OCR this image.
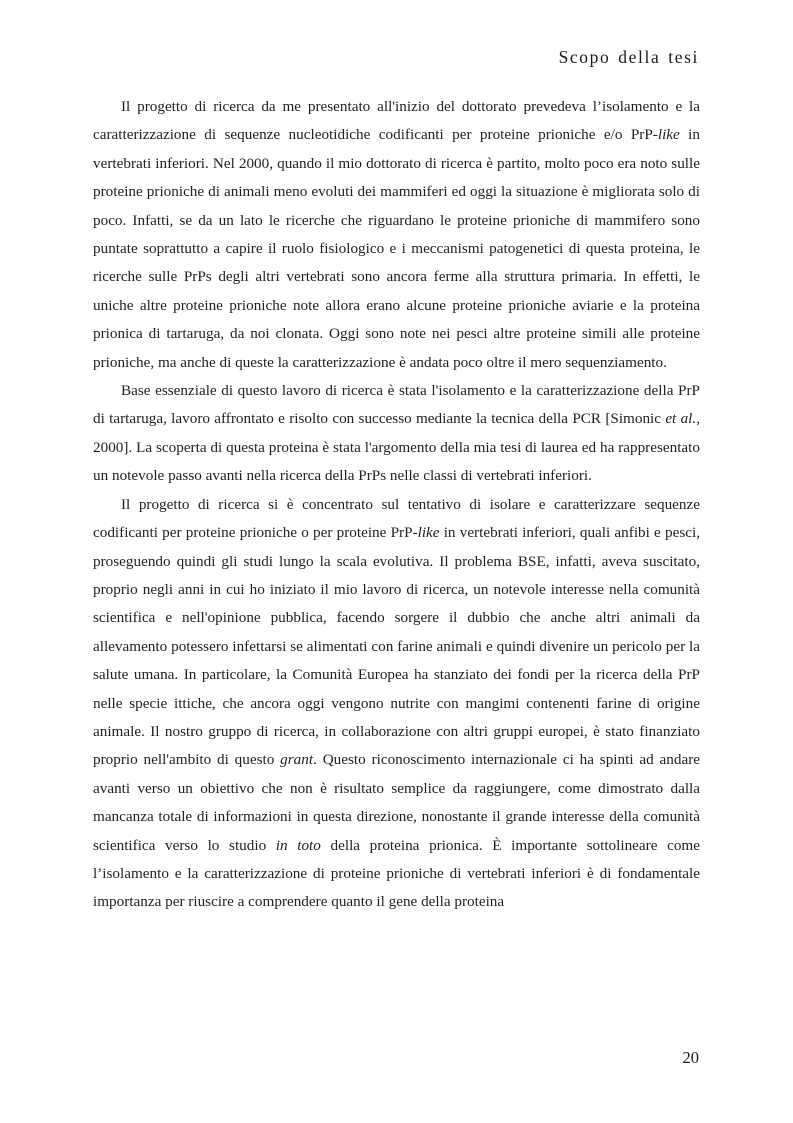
Scopo della tesi

Il progetto di ricerca da me presentato all'inizio del dottorato prevedeva l’isolamento e la caratterizzazione di sequenze nucleotidiche codificanti per proteine prioniche e/o PrP-like in vertebrati inferiori. Nel 2000, quando il mio dottorato di ricerca è partito, molto poco era noto sulle proteine prioniche di animali meno evoluti dei mammiferi ed oggi la situazione è migliorata solo di poco. Infatti, se da un lato le ricerche che riguardano le proteine prioniche di mammifero sono puntate soprattutto a capire il ruolo fisiologico e i meccanismi patogenetici di questa proteina, le ricerche sulle PrPs degli altri vertebrati sono ancora ferme alla struttura primaria. In effetti, le uniche altre proteine prioniche note allora erano alcune proteine prioniche aviarie e la proteina prionica di tartaruga, da noi clonata. Oggi sono note nei pesci altre proteine simili alle proteine prioniche, ma anche di queste la caratterizzazione è andata poco oltre il mero sequenziamento.

Base essenziale di questo lavoro di ricerca è stata l'isolamento e la caratterizzazione della PrP di tartaruga, lavoro affrontato e risolto con successo mediante la tecnica della PCR [Simonic et al., 2000]. La scoperta di questa proteina è stata l'argomento della mia tesi di laurea ed ha rappresentato un notevole passo avanti nella ricerca della PrPs nelle classi di vertebrati inferiori.

Il progetto di ricerca si è concentrato sul tentativo di isolare e caratterizzare sequenze codificanti per proteine prioniche o per proteine PrP-like in vertebrati inferiori, quali anfibi e pesci, proseguendo quindi gli studi lungo la scala evolutiva. Il problema BSE, infatti, aveva suscitato, proprio negli anni in cui ho iniziato il mio lavoro di ricerca, un notevole interesse nella comunità scientifica e nell'opinione pubblica, facendo sorgere il dubbio che anche altri animali da allevamento potessero infettarsi se alimentati con farine animali e quindi divenire un pericolo per la salute umana. In particolare, la Comunità Europea ha stanziato dei fondi per la ricerca della PrP nelle specie ittiche, che ancora oggi vengono nutrite con mangimi contenenti farine di origine animale. Il nostro gruppo di ricerca, in collaborazione con altri gruppi europei, è stato finanziato proprio nell'ambito di questo grant. Questo riconoscimento internazionale ci ha spinti ad andare avanti verso un obiettivo che non è risultato semplice da raggiungere, come dimostrato dalla mancanza totale di informazioni in questa direzione, nonostante il grande interesse della comunità scientifica verso lo studio in toto della proteina prionica. È importante sottolineare come l’isolamento e la caratterizzazione di proteine prioniche di vertebrati inferiori è di fondamentale importanza per riuscire a comprendere quanto il gene della proteina

20
